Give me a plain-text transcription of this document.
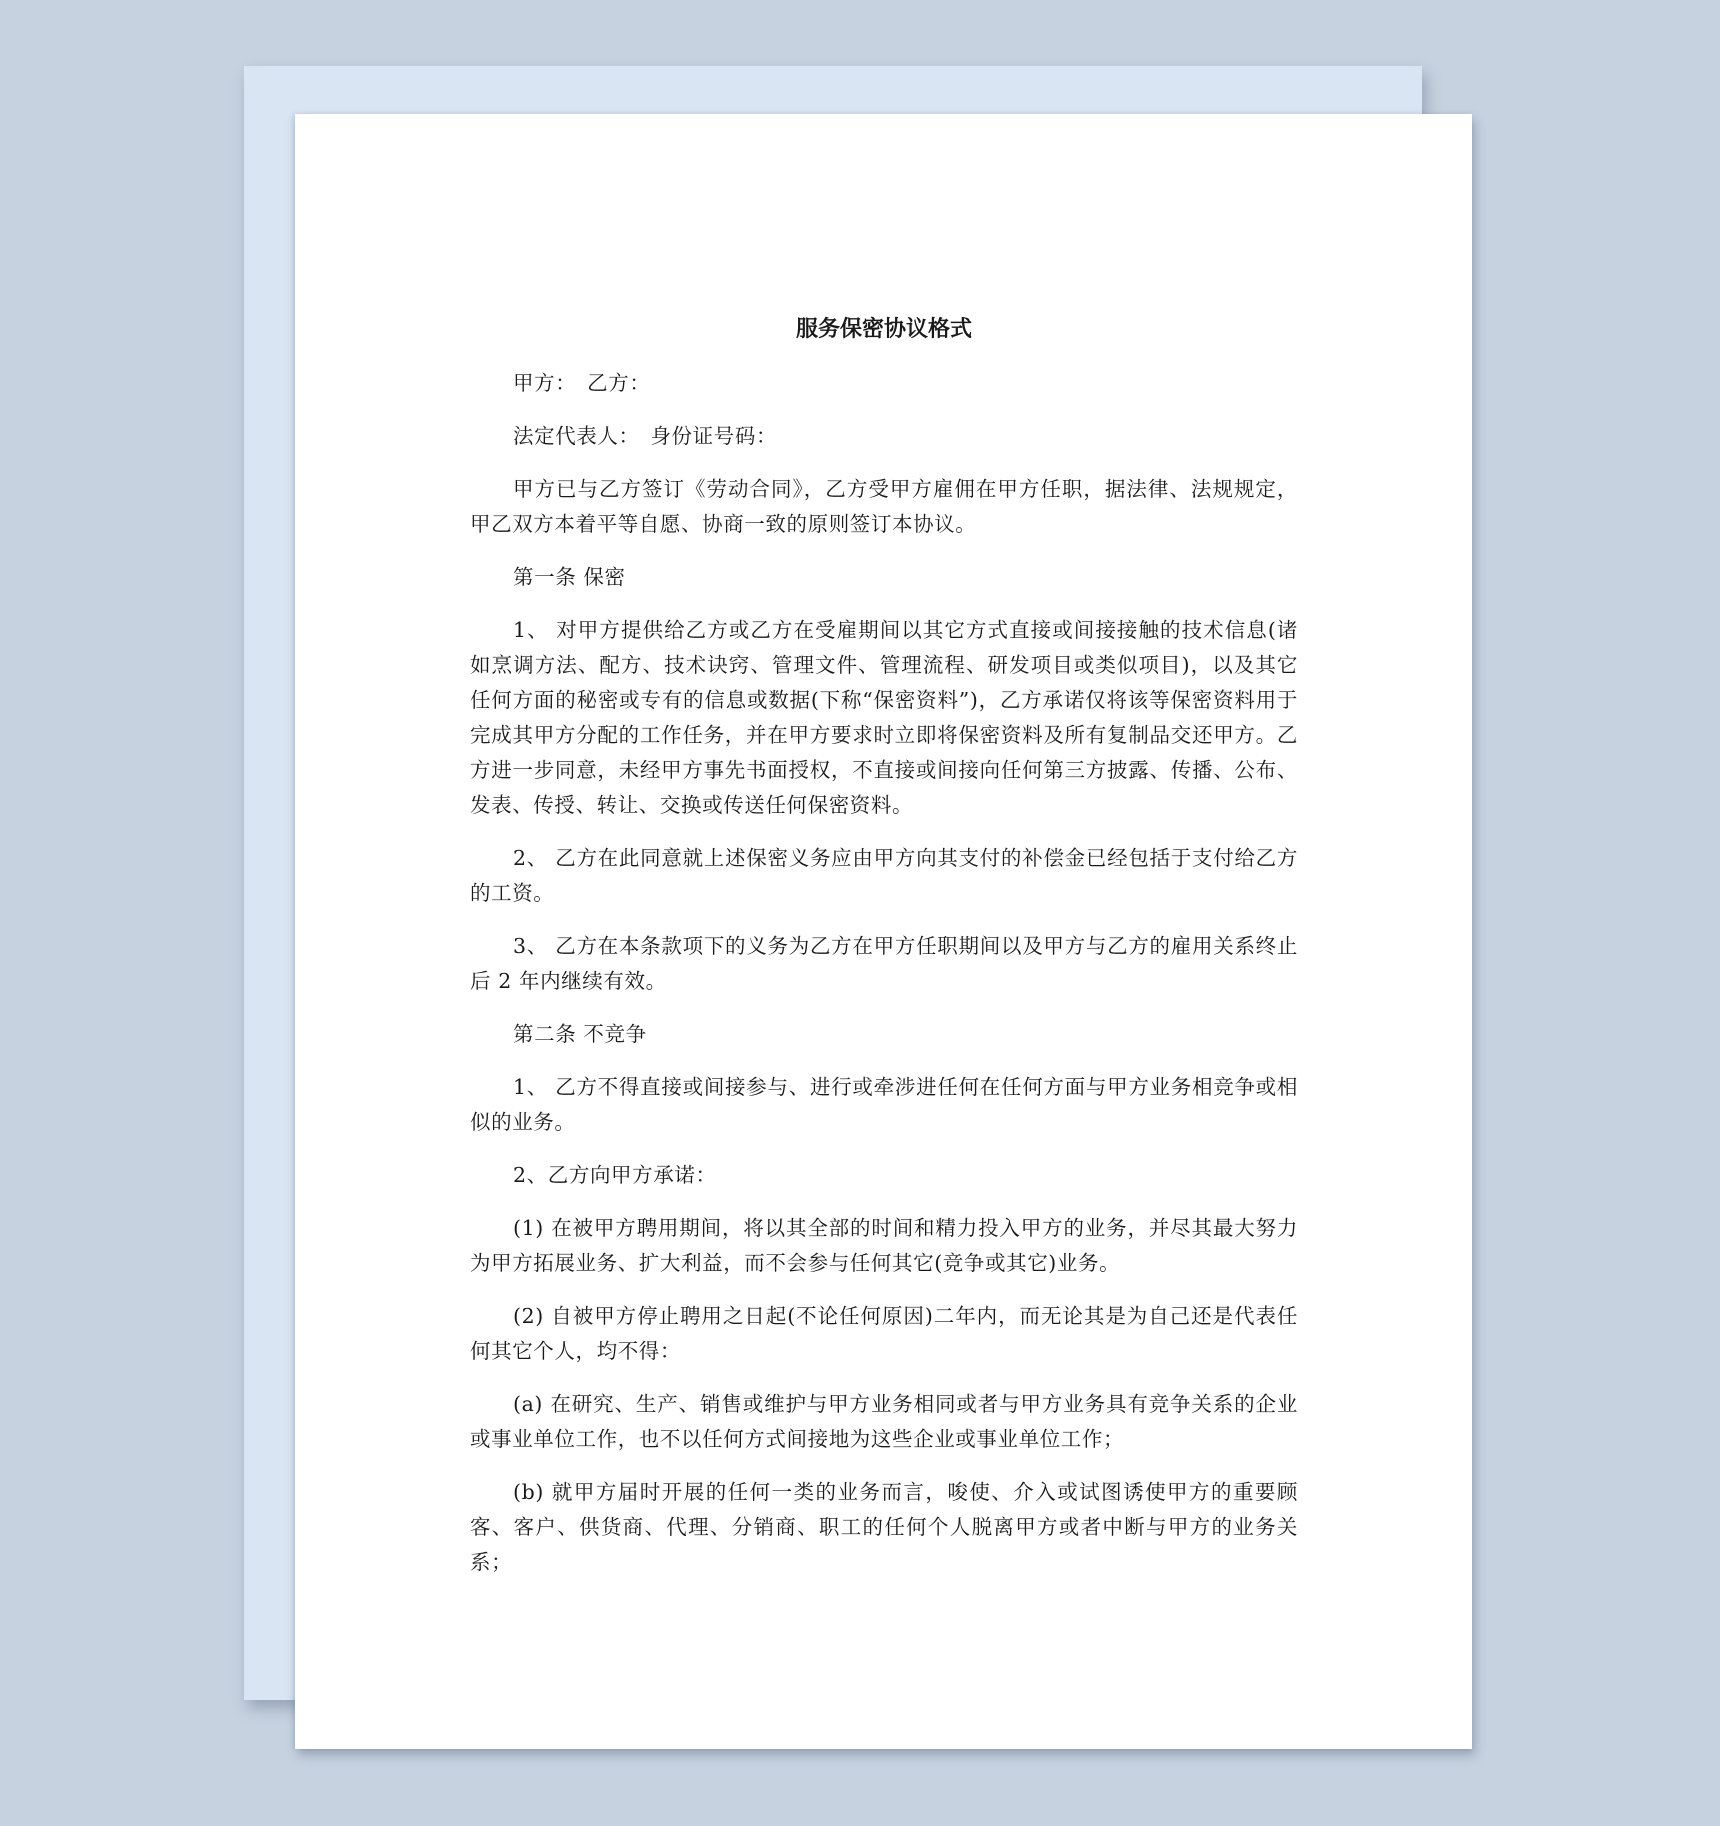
服务保密协议格式

甲方：　乙方：

法定代表人：　身份证号码：

甲方已与乙方签订《劳动合同》，乙方受甲方雇佣在甲方任职，据法律、法规规定，甲乙双方本着平等自愿、协商一致的原则签订本协议。

第一条 保密

1、 对甲方提供给乙方或乙方在受雇期间以其它方式直接或间接接触的技术信息(诸如烹调方法、配方、技术诀窍、管理文件、管理流程、研发项目或类似项目)，以及其它任何方面的秘密或专有的信息或数据(下称“保密资料”)，乙方承诺仅将该等保密资料用于完成其甲方分配的工作任务，并在甲方要求时立即将保密资料及所有复制品交还甲方。乙方进一步同意，未经甲方事先书面授权，不直接或间接向任何第三方披露、传播、公布、发表、传授、转让、交换或传送任何保密资料。

2、 乙方在此同意就上述保密义务应由甲方向其支付的补偿金已经包括于支付给乙方的工资。

3、 乙方在本条款项下的义务为乙方在甲方任职期间以及甲方与乙方的雇用关系终止后 2 年内继续有效。

第二条 不竞争

1、 乙方不得直接或间接参与、进行或牵涉进任何在任何方面与甲方业务相竞争或相似的业务。

2、乙方向甲方承诺：

(1) 在被甲方聘用期间，将以其全部的时间和精力投入甲方的业务，并尽其最大努力为甲方拓展业务、扩大利益，而不会参与任何其它(竞争或其它)业务。

(2) 自被甲方停止聘用之日起(不论任何原因)二年内，而无论其是为自己还是代表任何其它个人，均不得：

(a) 在研究、生产、销售或维护与甲方业务相同或者与甲方业务具有竞争关系的企业或事业单位工作，也不以任何方式间接地为这些企业或事业单位工作；

(b) 就甲方届时开展的任何一类的业务而言，唆使、介入或试图诱使甲方的重要顾客、客户、供货商、代理、分销商、职工的任何个人脱离甲方或者中断与甲方的业务关系；
